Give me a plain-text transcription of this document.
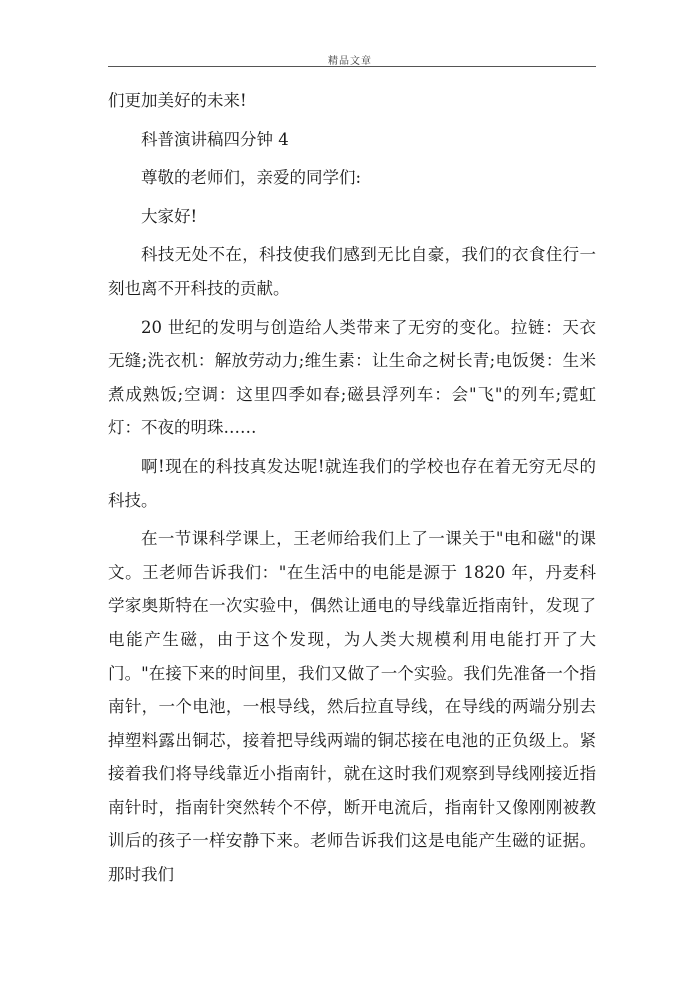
精品文章

们更加美好的未来!

科普演讲稿四分钟 4

尊敬的老师们，亲爱的同学们:

大家好!

科技无处不在，科技使我们感到无比自豪，我们的衣食住行一刻也离不开科技的贡献。

20 世纪的发明与创造给人类带来了无穷的变化。拉链：天衣无缝;洗衣机：解放劳动力;维生素：让生命之树长青;电饭煲：生米煮成熟饭;空调：这里四季如春;磁县浮列车：会"飞"的列车;霓虹灯：不夜的明珠……

啊!现在的科技真发达呢!就连我们的学校也存在着无穷无尽的科技。

在一节课科学课上，王老师给我们上了一课关于"电和磁"的课文。王老师告诉我们："在生活中的电能是源于 1820 年，丹麦科学家奥斯特在一次实验中，偶然让通电的导线靠近指南针，发现了电能产生磁，由于这个发现，为人类大规模利用电能打开了大门。"在接下来的时间里，我们又做了一个实验。我们先准备一个指南针，一个电池，一根导线，然后拉直导线，在导线的两端分别去掉塑料露出铜芯，接着把导线两端的铜芯接在电池的正负级上。紧接着我们将导线靠近小指南针，就在这时我们观察到导线刚接近指南针时，指南针突然转个不停，断开电流后，指南针又像刚刚被教训后的孩子一样安静下来。老师告诉我们这是电能产生磁的证据。那时我们
